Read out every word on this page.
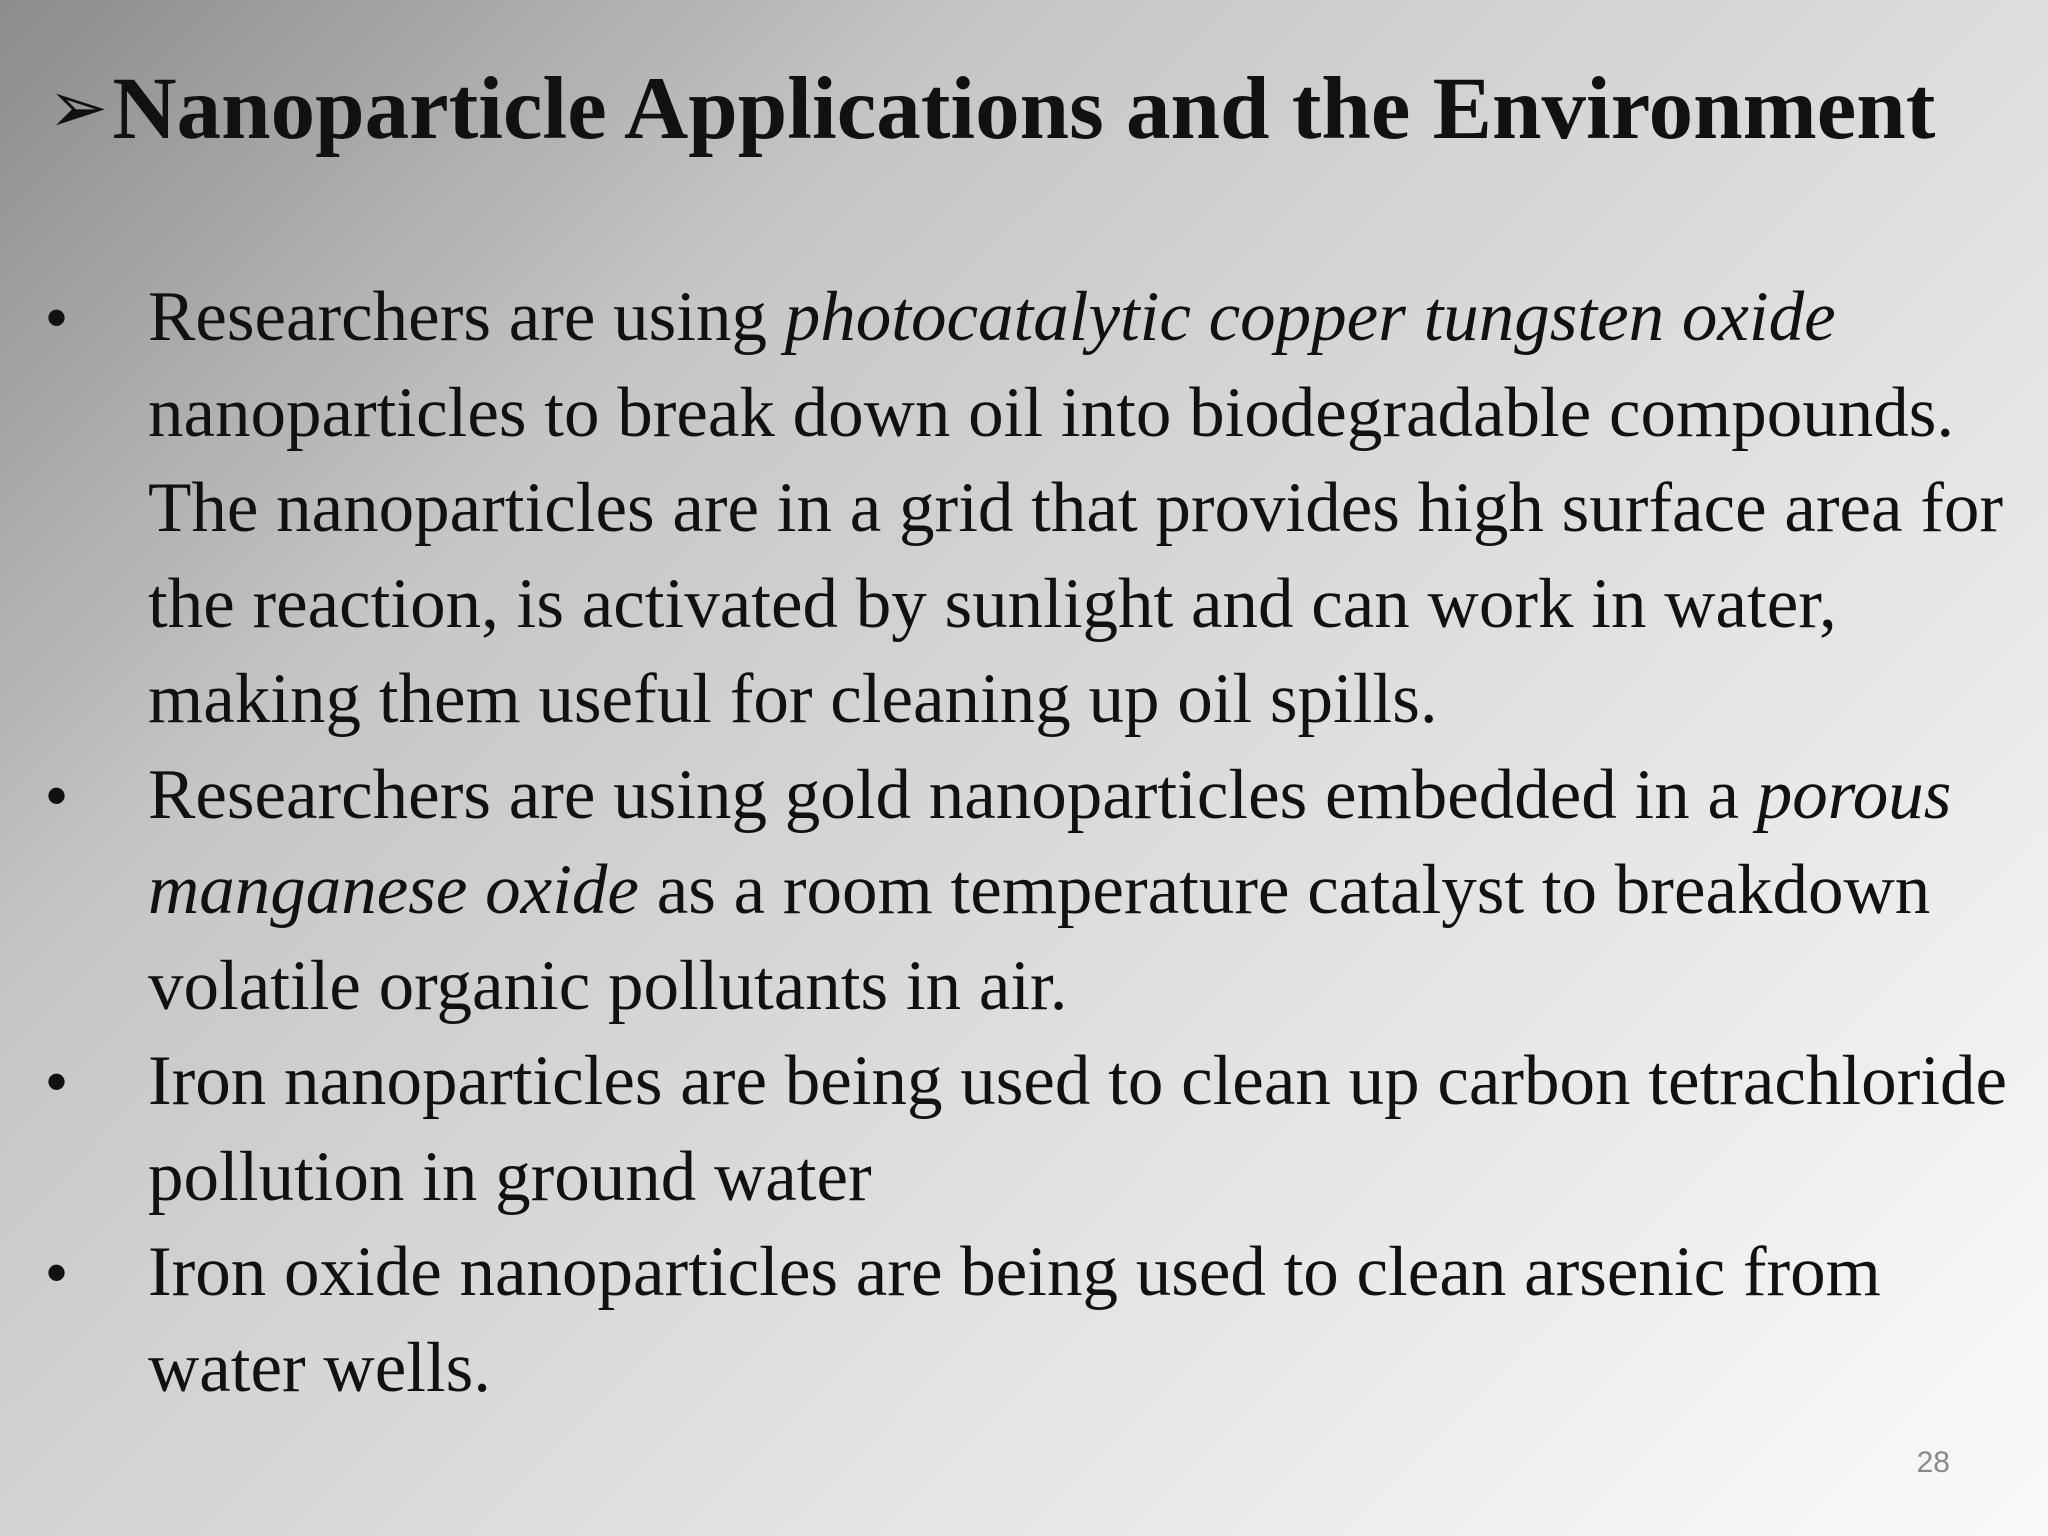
➢Nanoparticle Applications and the Environment
• Researchers are using photocatalytic copper tungsten oxide nanoparticles to break down oil into biodegradable compounds. The nanoparticles are in a grid that provides high surface area for the reaction, is activated by sunlight and can work in water, making them useful for cleaning up oil spills.
• Researchers are using gold nanoparticles embedded in a porous manganese oxide as a room temperature catalyst to breakdown volatile organic pollutants in air.
• Iron nanoparticles are being used to clean up carbon tetrachloride pollution in ground water
• Iron oxide nanoparticles are being used to clean arsenic from water wells.
28
